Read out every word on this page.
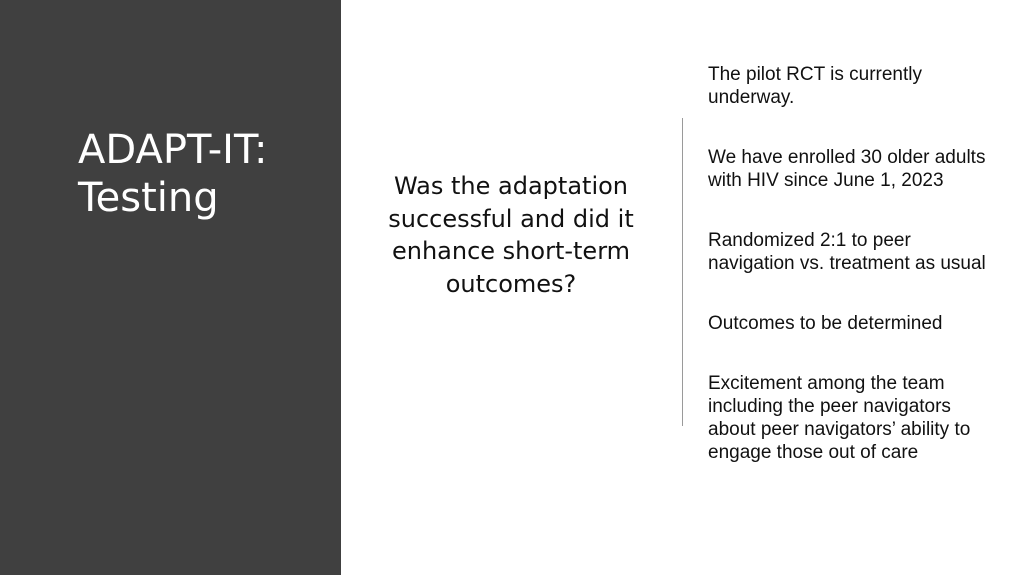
ADAPT-IT: Testing	Was the adaptation successful and did it enhance short-term outcomes?

The pilot RCT is currently underway.
We have enrolled 30 older adults with HIV since June 1, 2023
Randomized 2:1 to peer navigation vs. treatment as usual
Outcomes to be determined
Excitement among the team including the peer navigators about peer navigators’ ability to engage those out of care
